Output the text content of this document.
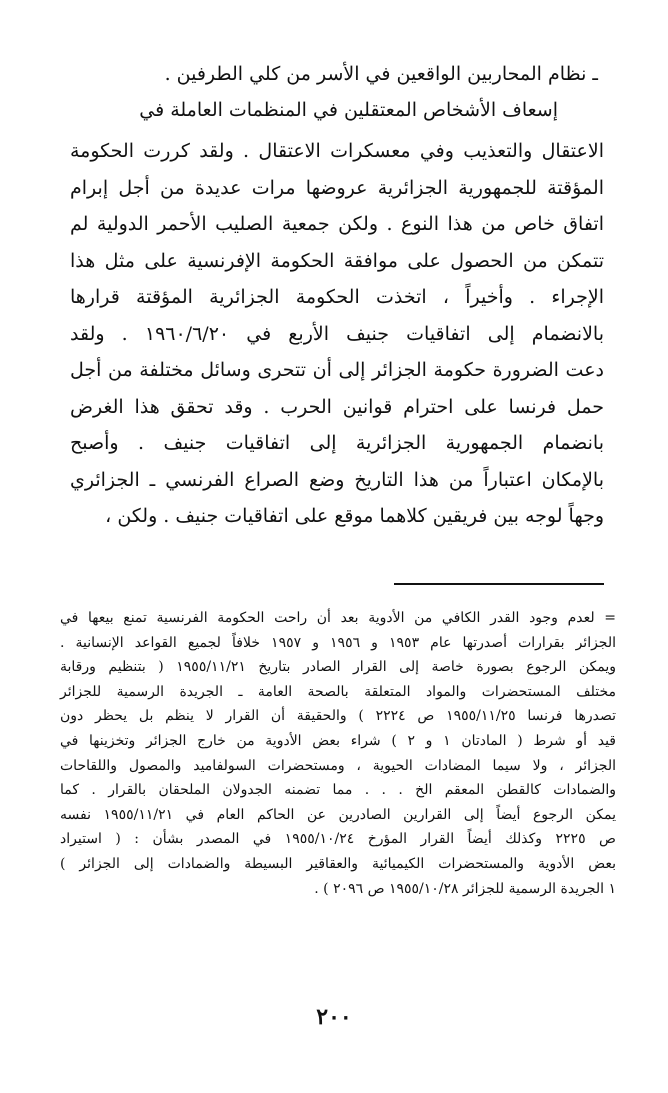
ـ نظام المحاربين الواقعين في الأسر من كلي الطرفين .
إسعاف الأشخاص المعتقلين في المنظمات العاملة في
الاعتقال والتعذيب وفي معسكرات الاعتقال . ولقد كررت الحكومة
المؤقتة للجمهورية الجزائرية عروضها مرات عديدة من أجل إبرام
اتفاق خاص من هذا النوع . ولكن جمعية الصليب الأحمر الدولية لم
تتمكن من الحصول على موافقة الحكومة الإفرنسية على مثل هذا
الإجراء . وأخيراً ، اتخذت الحكومة الجزائرية المؤقتة قرارها
بالانضمام إلى اتفاقيات جنيف الأربع في ١٩٦٠/٦/٢٠ . ولقد
دعت الضرورة حكومة الجزائر إلى أن تتحرى وسائل مختلفة من أجل
حمل فرنسا على احترام قوانين الحرب . وقد تحقق هذا الغرض
بانضمام الجمهورية الجزائرية إلى اتفاقيات جنيف . وأصبح
بالإمكان اعتباراً من هذا التاريخ وضع الصراع الفرنسي ـ الجزائري
وجهاً لوجه بين فريقين كلاهما موقع على اتفاقيات جنيف . ولكن ،
= لعدم وجود القدر الكافي من الأدوية بعد أن راحت الحكومة الفرنسية تمنع بيعها في
الجزائر بقرارات أصدرتها عام ١٩٥٣ و ١٩٥٦ و ١٩٥٧ خلافاً لجميع القواعد الإنسانية .
ويمكن الرجوع بصورة خاصة إلى القرار الصادر بتاريخ ١٩٥٥/١١/٢١ ( بتنظيم ورقابة
مختلف المستحضرات والمواد المتعلقة بالصحة العامة ـ الجريدة الرسمية للجزائر
تصدرها فرنسا ١٩٥٥/١١/٢٥ ص ٢٢٢٤ ) والحقيقة أن القرار لا ينظم بل يحظر دون
قيد أو شرط ( المادتان ١ و ٢ ) شراء بعض الأدوية من خارج الجزائر وتخزينها في
الجزائر ، ولا سيما المضادات الحيوية ، ومستحضرات السولفاميد والمصول واللقاحات
والضمادات كالقطن المعقم الخ . . . مما تضمنه الجدولان الملحقان بالقرار . كما
يمكن الرجوع أيضاً إلى القرارين الصادرين عن الحاكم العام في ١٩٥٥/١١/٢١ نفسه
ص ٢٢٢٥ وكذلك أيضاً القرار المؤرخ ١٩٥٥/١٠/٢٤ في المصدر بشأن : ( استيراد
بعض الأدوية والمستحضرات الكيميائية والعقاقير البسيطة والضمادات إلى الجزائر )
١ الجريدة الرسمية للجزائر ١٩٥٥/١٠/٢٨ ص ٢٠٩٦ ) .
٢٠٠
